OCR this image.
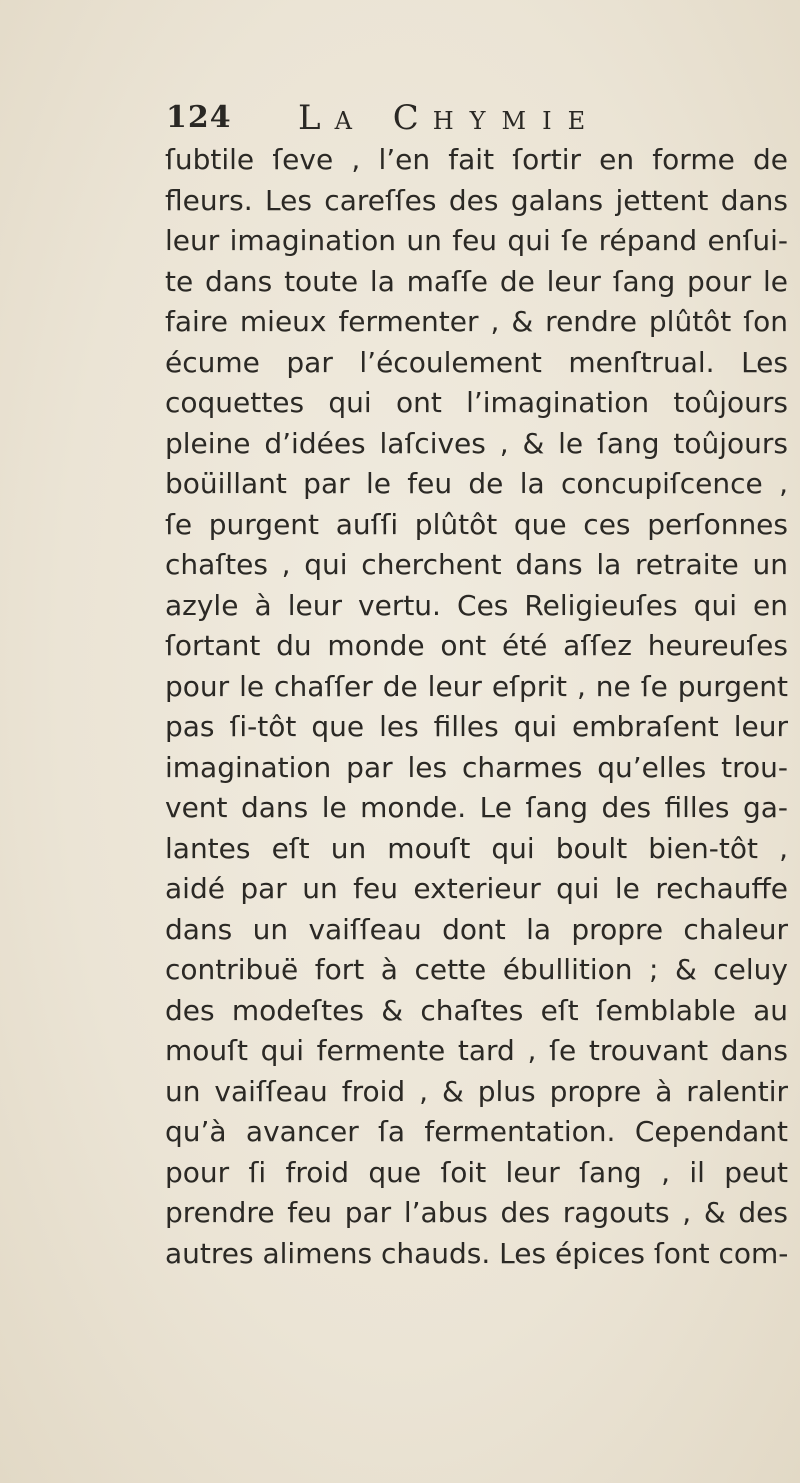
124 LA CHYMIE
ſubtile ſeve , l’en fait ſortir en forme de
fleurs. Les careſſes des galans jettent dans
leur imagination un feu qui ſe répand enſui-
te dans toute la maſſe de leur ſang pour le
faire mieux fermenter , & rendre plûtôt ſon
écume par l’écoulement menſtrual. Les
coquettes qui ont l’imagination toûjours
pleine d’idées laſcives , & le ſang toûjours
boüillant par le feu de la concupiſcence ,
ſe purgent auſſi plûtôt que ces perſonnes
chaſtes , qui cherchent dans la retraite un
azyle à leur vertu. Ces Religieuſes qui en
ſortant du monde ont été aſſez heureuſes
pour le chaſſer de leur eſprit , ne ſe purgent
pas ſi-tôt que les filles qui embraſent leur
imagination par les charmes qu’elles trou-
vent dans le monde. Le ſang des filles ga-
lantes eſt un mouſt qui boult bien-tôt ,
aidé par un feu exterieur qui le rechauffe
dans un vaiſſeau dont la propre chaleur
contribuë fort à cette ébullition ; & celuy
des modeſtes & chaſtes eſt ſemblable au
mouſt qui fermente tard , ſe trouvant dans
un vaiſſeau froid , & plus propre à ralentir
qu’à avancer ſa fermentation. Cependant
pour ſi froid que ſoit leur ſang , il peut
prendre feu par l’abus des ragouts , & des
autres alimens chauds. Les épices ſont com-
